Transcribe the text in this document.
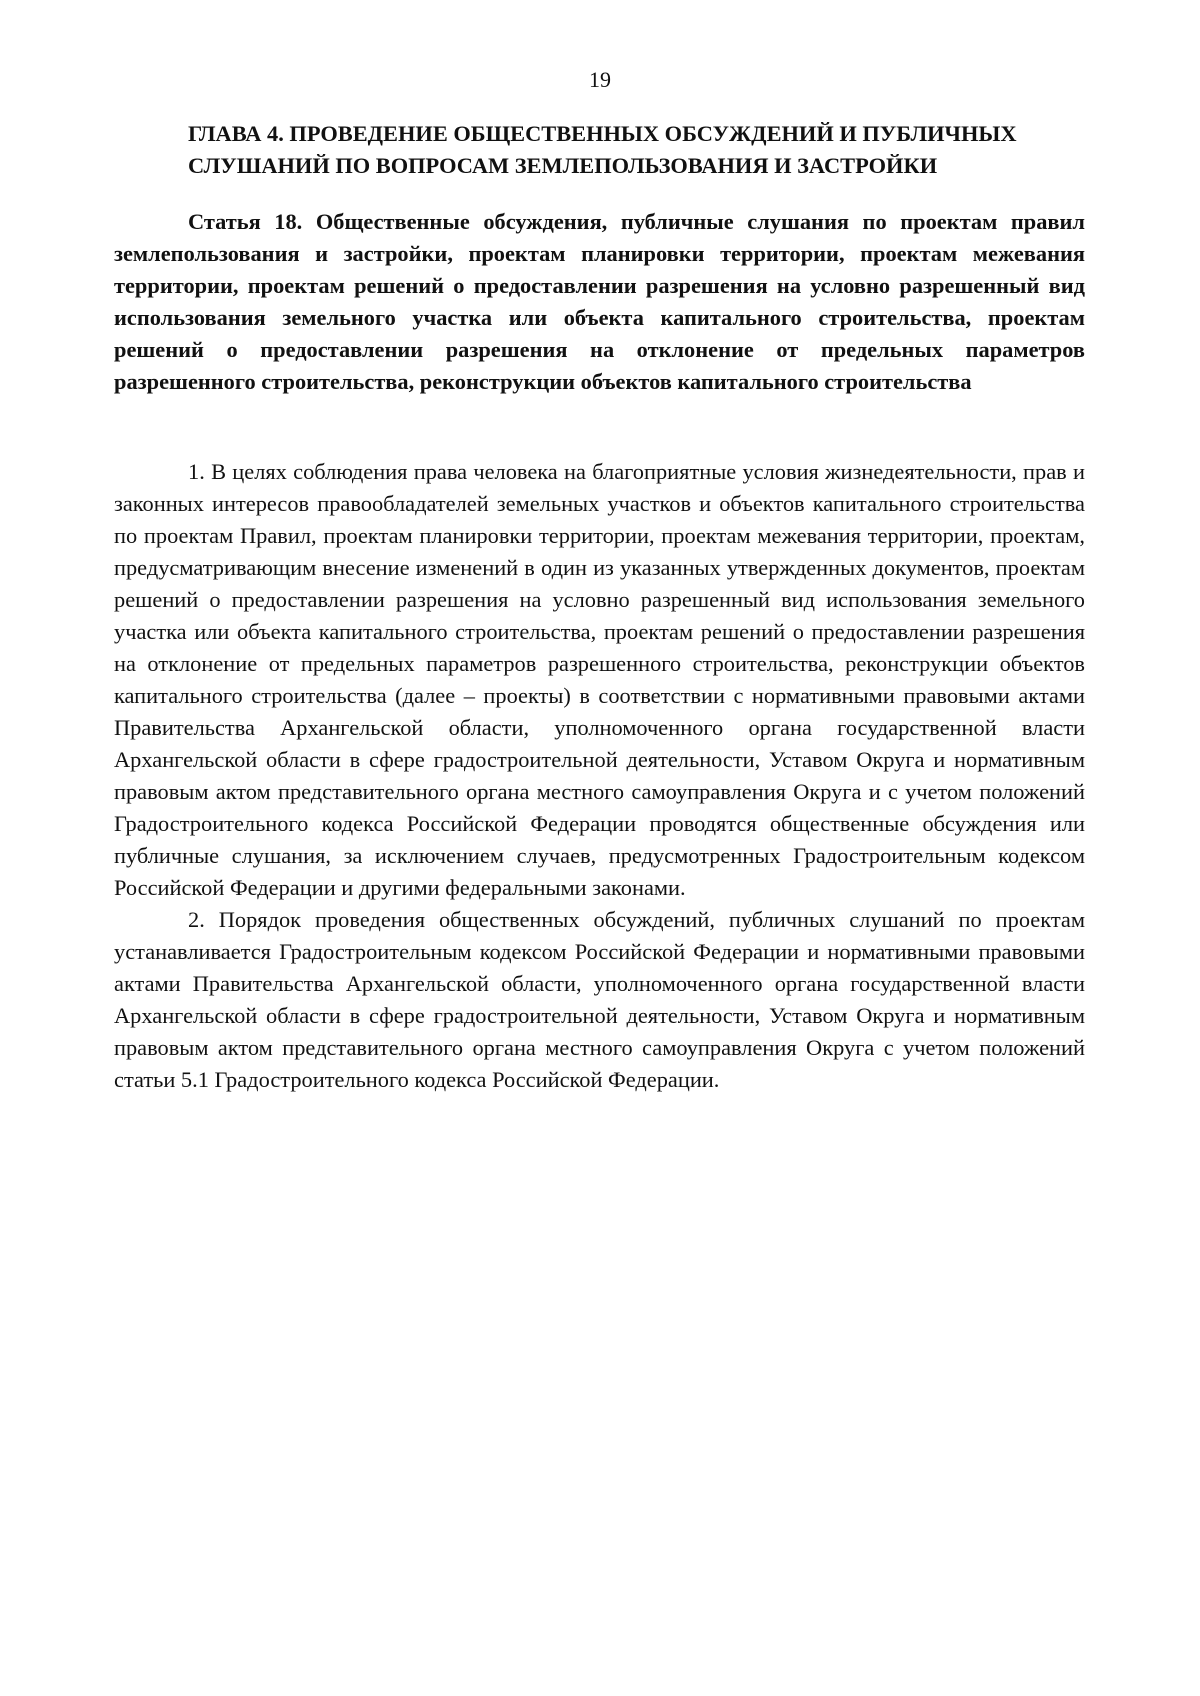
19
ГЛАВА 4. ПРОВЕДЕНИЕ ОБЩЕСТВЕННЫХ ОБСУЖДЕНИЙ И ПУБЛИЧНЫХ СЛУШАНИЙ ПО ВОПРОСАМ ЗЕМЛЕПОЛЬЗОВАНИЯ И ЗАСТРОЙКИ
Статья 18. Общественные обсуждения, публичные слушания по проектам правил землепользования и застройки, проектам планировки территории, проектам межевания территории, проектам решений о предоставлении разрешения на условно разрешенный вид использования земельного участка или объекта капитального строительства, проектам решений о предоставлении разрешения на отклонение от предельных параметров разрешенного строительства, реконструкции объектов капитального строительства

1. В целях соблюдения права человека на благоприятные условия жизнедеятельности, прав и законных интересов правообладателей земельных участков и объектов капитального строительства по проектам Правил, проектам планировки территории, проектам межевания территории, проектам, предусматривающим внесение изменений в один из указанных утвержденных документов, проектам решений о предоставлении разрешения на условно разрешенный вид использования земельного участка или объекта капитального строительства, проектам решений о предоставлении разрешения на отклонение от предельных параметров разрешенного строительства, реконструкции объектов капитального строительства (далее – проекты) в соответствии с нормативными правовыми актами Правительства Архангельской области, уполномоченного органа государственной власти Архангельской области в сфере градостроительной деятельности, Уставом Округа и нормативным правовым актом представительного органа местного самоуправления Округа и с учетом положений Градостроительного кодекса Российской Федерации проводятся общественные обсуждения или публичные слушания, за исключением случаев, предусмотренных Градостроительным кодексом Российской Федерации и другими федеральными законами.

2. Порядок проведения общественных обсуждений, публичных слушаний по проектам устанавливается Градостроительным кодексом Российской Федерации и нормативными правовыми актами Правительства Архангельской области, уполномоченного органа государственной власти Архангельской области в сфере градостроительной деятельности, Уставом Округа и нормативным правовым актом представительного органа местного самоуправления Округа с учетом положений статьи 5.1 Градостроительного кодекса Российской Федерации.
